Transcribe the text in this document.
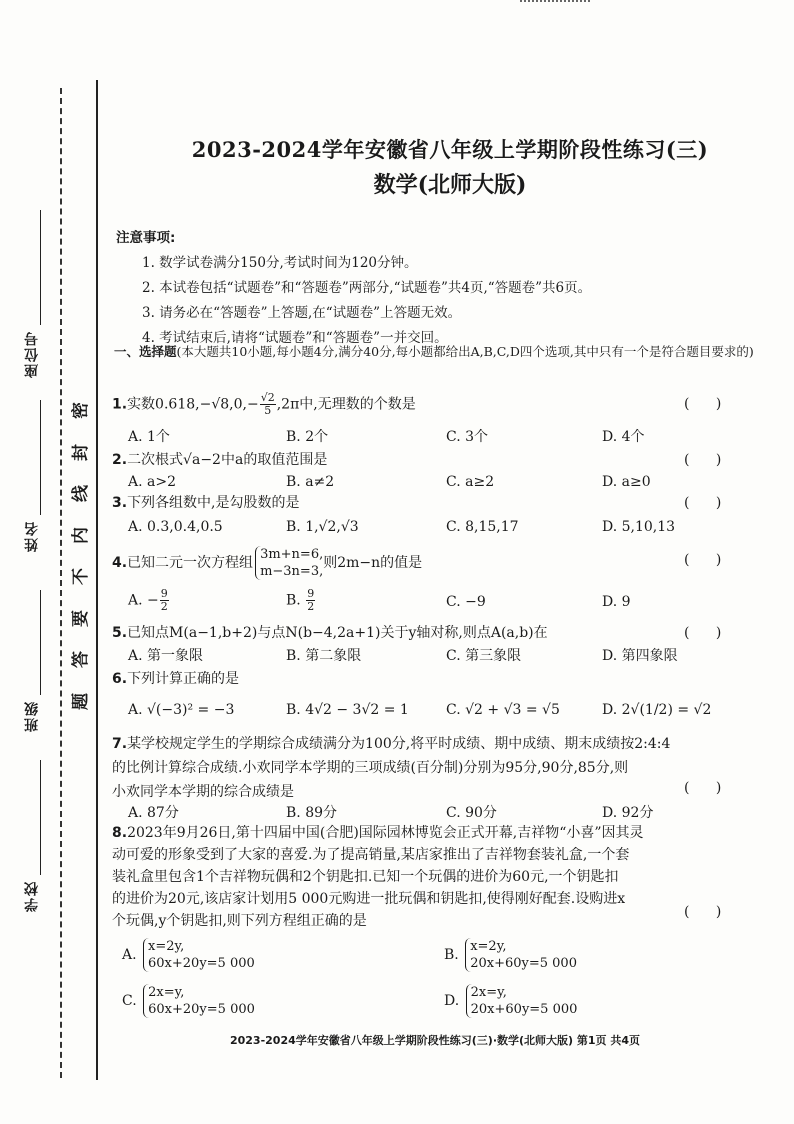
座位号
姓名
班级
学校
密
封
线
内
不
要
答
题
2023-2024学年安徽省八年级上学期阶段性练习(三)
数学(北师大版)
注意事项:
1. 数学试卷满分150分,考试时间为120分钟。
2. 本试卷包括“试题卷”和“答题卷”两部分,“试题卷”共4页,“答题卷”共6页。
3. 请务必在“答题卷”上答题,在“试题卷”上答题无效。
4. 考试结束后,请将“试题卷”和“答题卷”一并交回。
一、选择题(本大题共10小题,每小题4分,满分40分,每小题都给出A,B,C,D四个选项,其中只有一个是符合题目要求的)
1.实数$0.618,-√8,0,- \frac{√2}{5} ,2\pi$中,无理数的个数是	( )
A. 1个	B. 2个	C. 3个	D. 4个
2.二次根式√a−2中a的取值范围是	( )
A. a>2	B. a≠2	C. a≥2	D. a≥0
3.下列各组数中,是勾股数的是	( )
A. 0.3,0.4,0.5	B. 1,√2,√3	C. 8,15,17	D. 5,10,13
4.已知二元一次方程组
3m+n=6,
m−3n=3,
则2m−n的值是	( )
A. − $\frac{9}{2}$	B. $\frac{9}{2}$	C. −9	D. 9
5.已知点M(a−1,b+2)与点N(b−4,2a+1)关于y轴对称,则点A(a,b)在	( )
A. 第一象限	B. 第二象限	C. 第三象限	D. 第四象限
6.下列计算正确的是
A. √(−3)² = −3	B. 4√2 − 3√2 = 1	C. √2 + √3 = √5	D. 2√(1/2) = √2
7.某学校规定学生的学期综合成绩满分为100分,将平时成绩、期中成绩、期末成绩按2:4:4
的比例计算综合成绩.小欢同学本学期的三项成绩(百分制)分别为95分,90分,85分,则
小欢同学本学期的综合成绩是	( )
A. 87分	B. 89分	C. 90分	D. 92分
8.2023年9月26日,第十四届中国(合肥)国际园林博览会正式开幕,吉祥物“小喜”因其灵
动可爱的形象受到了大家的喜爱.为了提高销量,某店家推出了吉祥物套装礼盒,一个套
装礼盒里包含1个吉祥物玩偶和2个钥匙扣.已知一个玩偶的进价为60元,一个钥匙扣
的进价为20元,该店家计划用5 000元购进一批玩偶和钥匙扣,使得刚好配套.设购进x
个玩偶,y个钥匙扣,则下列方程组正确的是
( )
A.
x=2y,
60x+20y=5 000
B.
x=2y,
20x+60y=5 000
C.
2x=y,
60x+20y=5 000
D.
2x=y,
20x+60y=5 000
2023-2024学年安徽省八年级上学期阶段性练习(三)·数学(北师大版) 第1页 共4页
